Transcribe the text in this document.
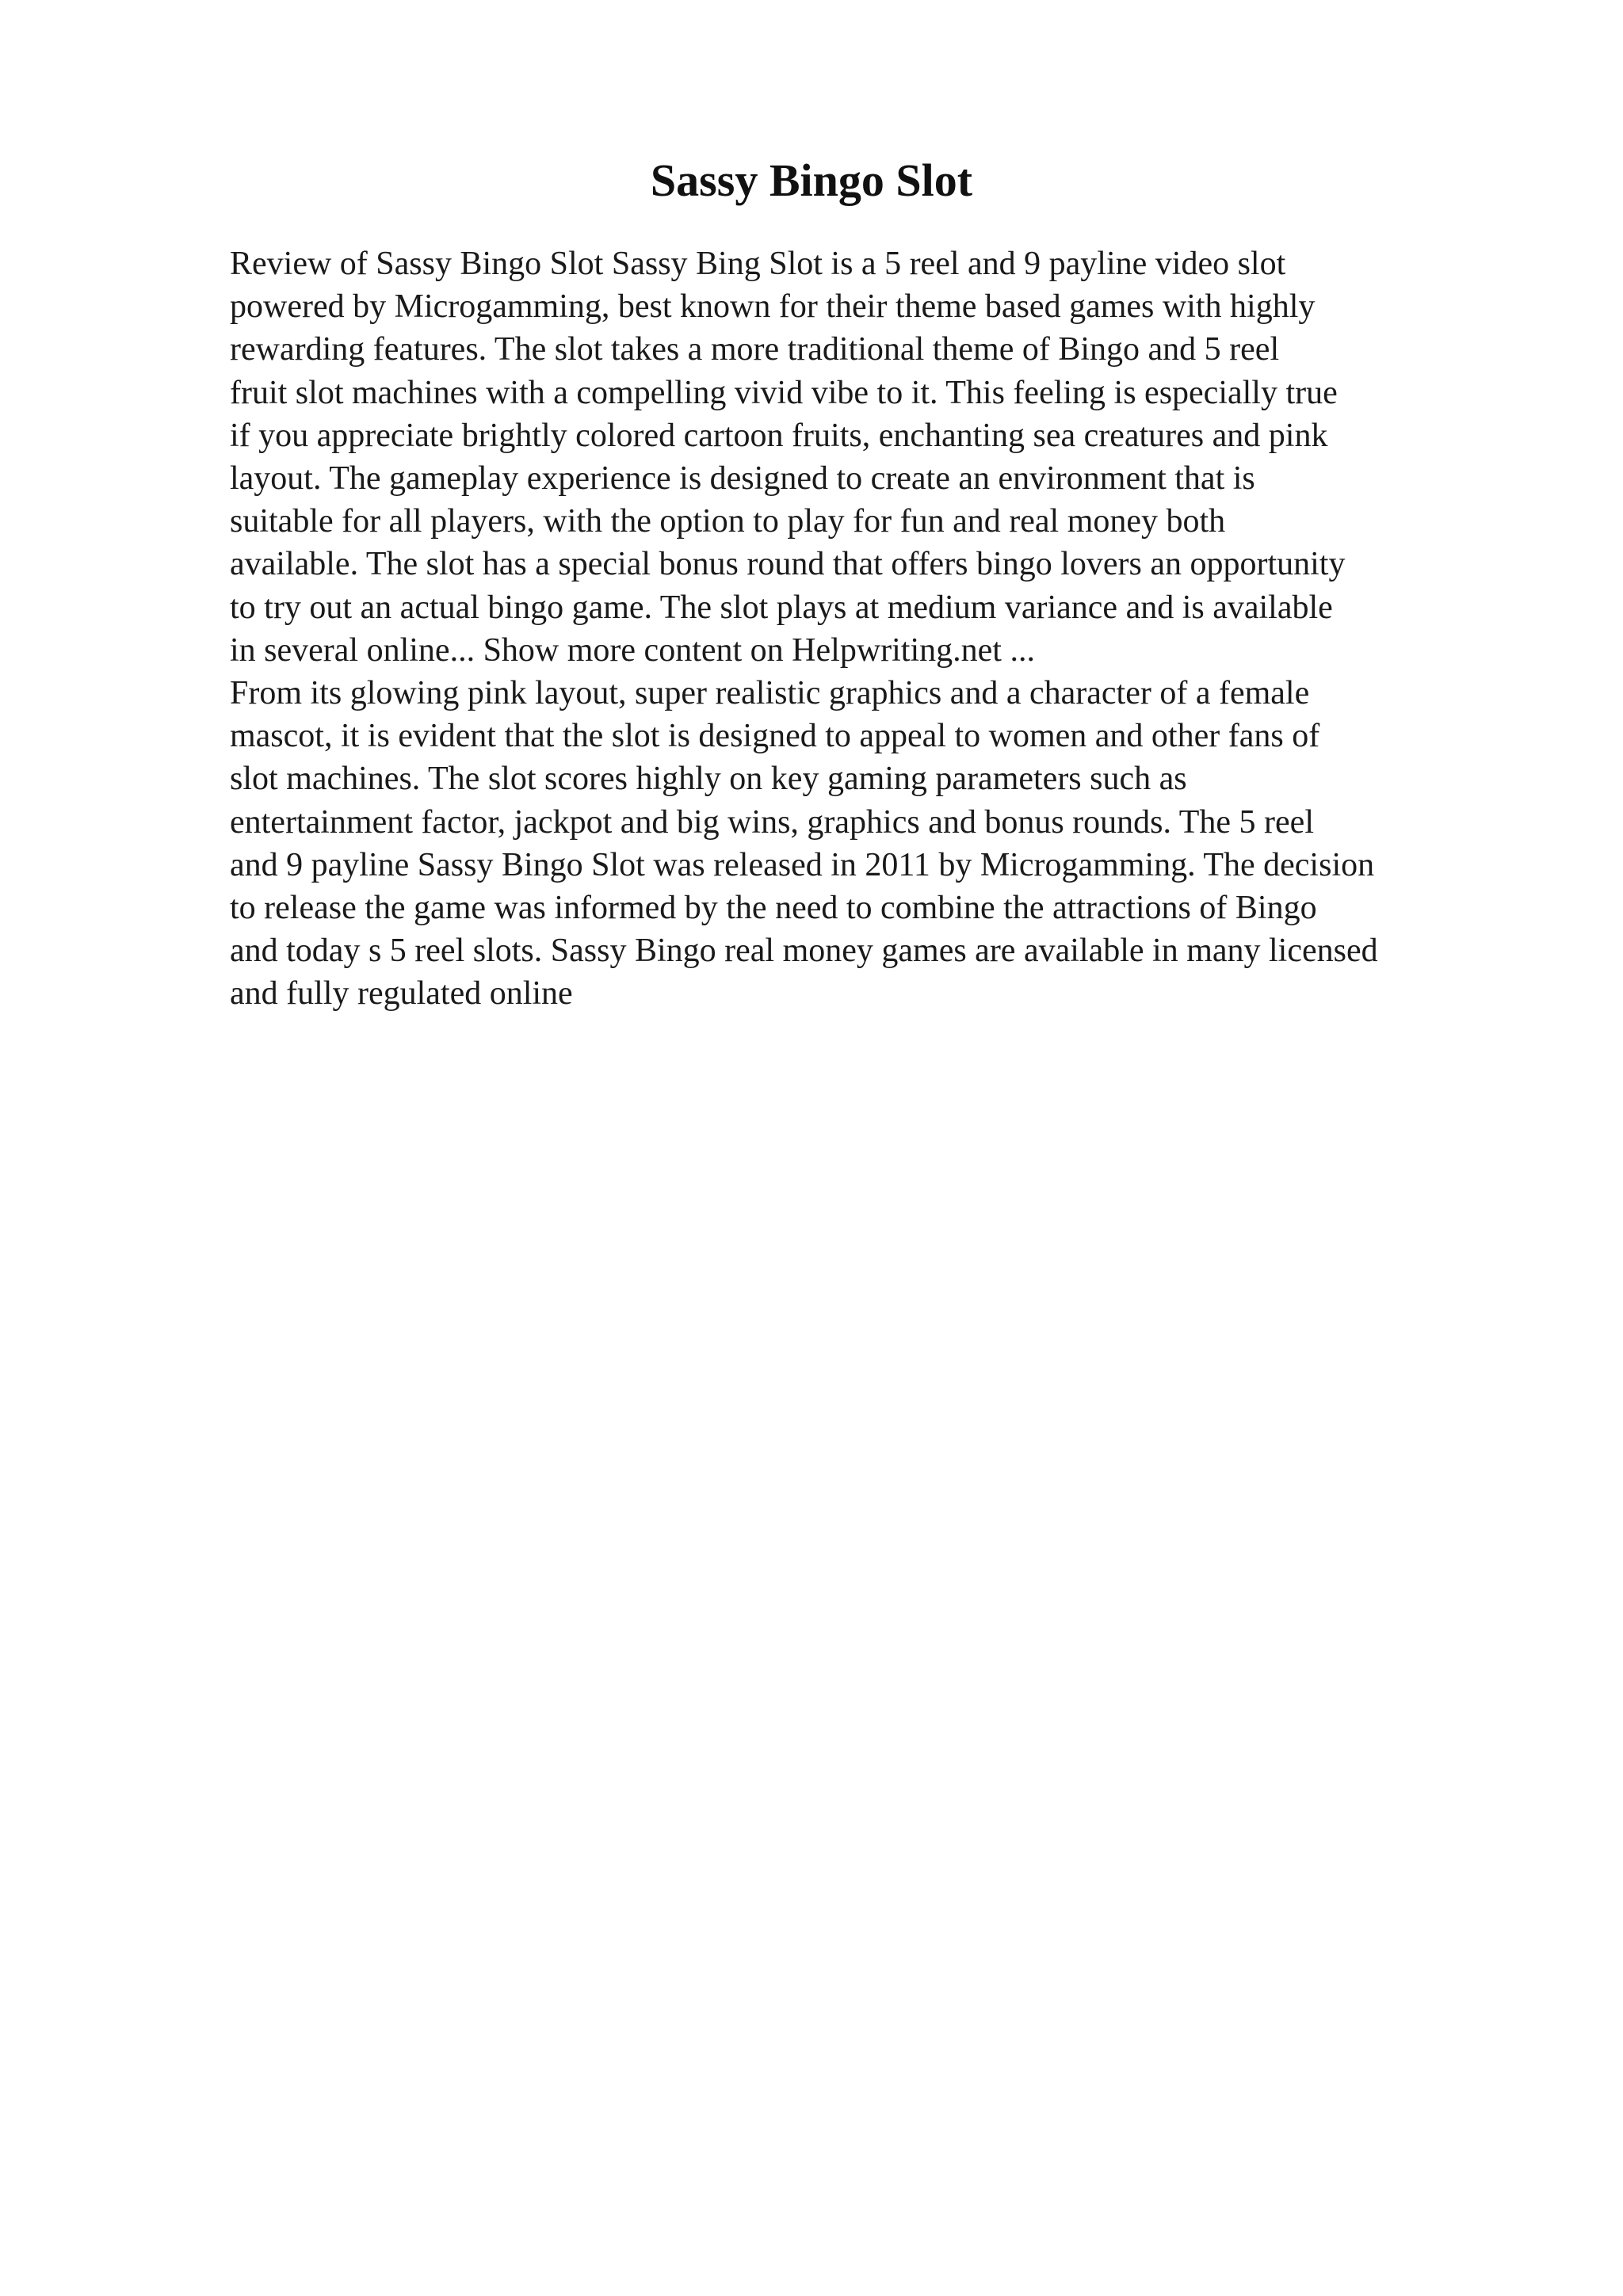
Sassy Bingo Slot
Review of Sassy Bingo Slot Sassy Bing Slot is a 5 reel and 9 payline video slot
powered by Microgamming, best known for their theme based games with highly
rewarding features. The slot takes a more traditional theme of Bingo and 5 reel
fruit slot machines with a compelling vivid vibe to it. This feeling is especially true
if you appreciate brightly colored cartoon fruits, enchanting sea creatures and pink
layout. The gameplay experience is designed to create an environment that is
suitable for all players, with the option to play for fun and real money both
available. The slot has a special bonus round that offers bingo lovers an opportunity
to try out an actual bingo game. The slot plays at medium variance and is available
in several online... Show more content on Helpwriting.net ...
From its glowing pink layout, super realistic graphics and a character of a female
mascot, it is evident that the slot is designed to appeal to women and other fans of
slot machines. The slot scores highly on key gaming parameters such as
entertainment factor, jackpot and big wins, graphics and bonus rounds. The 5 reel
and 9 payline Sassy Bingo Slot was released in 2011 by Microgamming. The decision
to release the game was informed by the need to combine the attractions of Bingo
and today s 5 reel slots. Sassy Bingo real money games are available in many licensed
and fully regulated online
